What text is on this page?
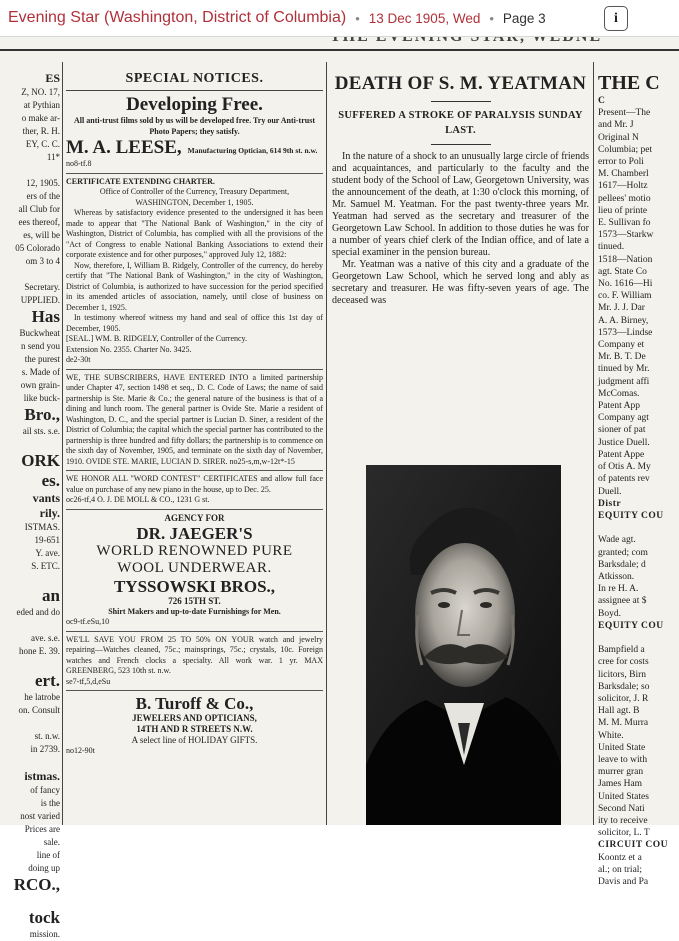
Evening Star (Washington, District of Columbia) • 13 Dec 1905, Wed • Page 3	i

ES

Z, NO. 17,

at Pythian

o make ar-

ther, R. H.

EY, C. C.

11*

12, 1905.

ers of the

all Club for

ees thereof,

es, will be

05 Colorado

om 3 to 4

Secretary.

UPPLIED.

Has

Buckwheat

n send you

the purest

s. Made of

own grain-

like buck-

Bro.,

ail sts. s.e.

ORK

es.

vants

rily.

ISTMAS.

19-651

Y. ave.

S. ETC.

an

eded and do

ave. s.e.

hone E. 39.

ert.

he latrobe

on. Consult

st. n.w.

in 2739.

istmas.

of fancy

is the

nost varied

Prices are

sale.

line of

doing up

RCO.,

tock

mission.

SPECIAL NOTICES.
Developing Free.

All anti-trust films sold by us will be developed free. Try our Anti-trust Photo Papers; they satisfy.

M. A. LEESE, Manufacturing Optician, 614 9th st. n.w.

no8-tf.8

CERTIFICATE EXTENDING CHARTER.

Office of Controller of the Currency, Treasury Department,

WASHINGTON, December 1, 1905.

Whereas by satisfactory evidence presented to the undersigned it has been made to appear that "The National Bank of Washington," in the city of Washington, District of Columbia, has complied with all the provisions of the "Act of Congress to enable National Banking Associations to extend their corporate existence and for other purposes," approved July 12, 1882:

Now, therefore, I, William B. Ridgely, Controller of the currency, do hereby certify that "The National Bank of Washington," in the city of Washington, District of Columbia, is authorized to have succession for the period specified in its amended articles of association, namely, until close of business on December 1, 1925.

In testimony whereof witness my hand and seal of office this 1st day of December, 1905.

[SEAL.] WM. B. RIDGELY, Controller of the Currency.

Extension No. 2355. Charter No. 3425.

de2-30t

WE, THE SUBSCRIBERS, HAVE ENTERED INTO a limited partnership under Chapter 47, section 1498 et seq., D. C. Code of Laws; the name of said partnership is Ste. Marie & Co.; the general nature of the business is that of a dining and lunch room. The general partner is Ovide Ste. Marie a resident of Washington, D. C., and the special partner is Lucian D. Siner, a resident of the District of Columbia; the capital which the special partner has contributed to the partnership is three hundred and fifty dollars; the partnership is to commence on the sixth day of November, 1905, and terminate on the sixth day of November, 1910. OVIDE STE. MARIE, LUCIAN D. SIRER. no25-s,m,w-12t*-15

WE HONOR ALL "WORD CONTEST" CERTIFICATES and allow full face value on purchase of any new piano in the house, up to Dec. 25.

oc26-tf,4 O. J. DE MOLL & CO., 1231 G st.

AGENCY FOR

DR. JAEGER'S

WORLD RENOWNED PURE

WOOL UNDERWEAR.

TYSSOWSKI BROS.,

726 15TH ST.

Shirt Makers and up-to-date Furnishings for Men.

oc9-tf.eSu,10

WE'LL SAVE YOU FROM 25 TO 50% ON YOUR watch and jewelry repairing—Watches cleaned, 75c.; mainsprings, 75c.; crystals, 10c. Foreign watches and French clocks a specialty. All work war. 1 yr. MAX GREENBERG, 523 10th st. n.w.

se7-tf,5,d,eSu

B. Turoff & Co.,

JEWELERS AND OPTICIANS,

14TH AND R STREETS N.W.

A select line of HOLIDAY GIFTS.

no12-90t

DEATH OF S. M. YEATMAN

SUFFERED A STROKE OF PARALYSIS SUNDAY LAST.

In the nature of a shock to an unusually large circle of friends and acquaintances, and particularly to the faculty and the student body of the School of Law, Georgetown University, was the announcement of the death, at 1:30 o'clock this morning, of Mr. Samuel M. Yeatman. For the past twenty-three years Mr. Yeatman had served as the secretary and treasurer of the Georgetown Law School. In addition to those duties he was for a number of years chief clerk of the Indian office, and of late a special examiner in the pension bureau.

Mr. Yeatman was a native of this city and a graduate of the Georgetown Law School, which he served long and ably as secretary and treasurer. He was fifty-seven years of age. The deceased was

THE C

C

Present—The

and Mr. J

Original N

Columbia; pet

error to Poli

M. Chamberl

1617—Holtz

pellees' motio

lieu of printe

E. Sullivan fo

1573—Starkw

tinued.

1518—Nation

agt. State Co

No. 1616—Hi

co. F. William

Mr. J. J. Dar

A. A. Birney,

1573—Lindse

Company et

Mr. B. T. De

tinued by Mr.

judgment affi

McComas.

Patent App

Company agt

sioner of pat

Justice Duell.

Patent Appe

of Otis A. My

of patents rev

Duell.

Distr

EQUITY COU

Wade agt.

granted; com

Barksdale; d

Atkisson.

In re H. A.

assignee at $

Boyd.

EQUITY COU

Bampfield a

cree for costs

licitors, Birn

Barksdale; so

solicitor, J. R

Hall agt. B

M. M. Murra

White.

United State

leave to with

murrer gran

James Ham

United States

Second Nati

ity to receive

solicitor, L. T

CIRCUIT COU

Koontz et a

al.; on trial;

Davis and Pa
